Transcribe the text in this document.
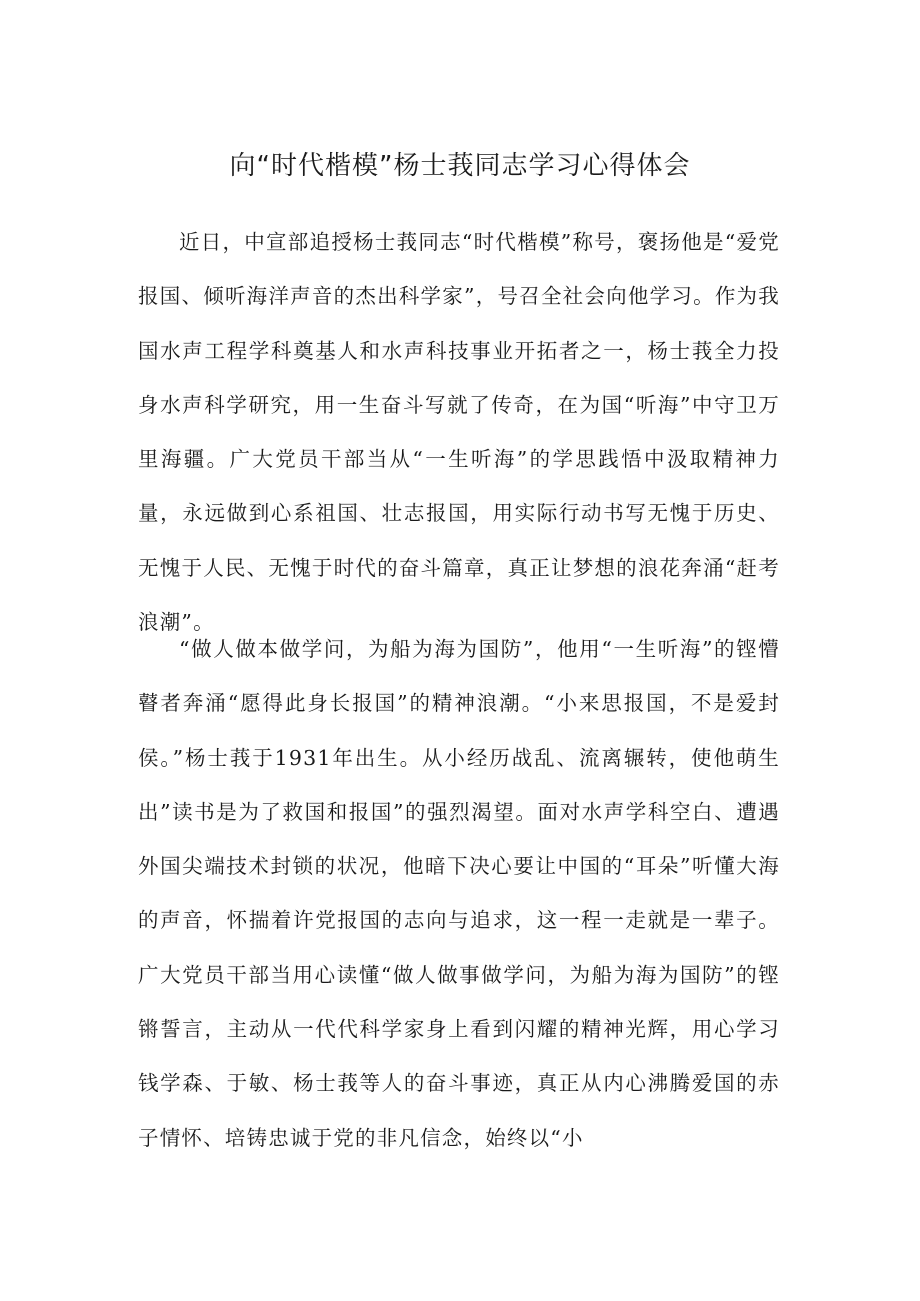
向“时代楷模”杨士莪同志学习心得体会

近日，中宣部追授杨士莪同志“时代楷模”称号，褒扬他是“爱党报国、倾听海洋声音的杰出科学家”，号召全社会向他学习。作为我国水声工程学科奠基人和水声科技事业开拓者之一，杨士莪全力投身水声科学研究，用一生奋斗写就了传奇，在为国“听海”中守卫万里海疆。广大党员干部当从“一生听海”的学思践悟中汲取精神力量，永远做到心系祖国、壮志报国，用实际行动书写无愧于历史、无愧于人民、无愧于时代的奋斗篇章，真正让梦想的浪花奔涌“赶考浪潮”。

“做人做本做学问，为船为海为国防”，他用“一生听海”的铿懵瞽者奔涌“愿得此身长报国”的精神浪潮。“小来思报国，不是爱封侯。”杨士莪于1931年出生。从小经历战乱、流离辗转，使他萌生出”读书是为了救国和报国”的强烈渴望。面对水声学科空白、遭遇外国尖端技术封锁的状况，他暗下决心要让中国的“耳朵”听懂大海的声音，怀揣着许党报国的志向与追求，这一程一走就是一辈子。广大党员干部当用心读懂“做人做事做学问，为船为海为国防”的铿锵誓言，主动从一代代科学家身上看到闪耀的精神光辉，用心学习钱学森、于敏、杨士莪等人的奋斗事迹，真正从内心沸腾爱国的赤子情怀、培铸忠诚于党的非凡信念，始终以“小
